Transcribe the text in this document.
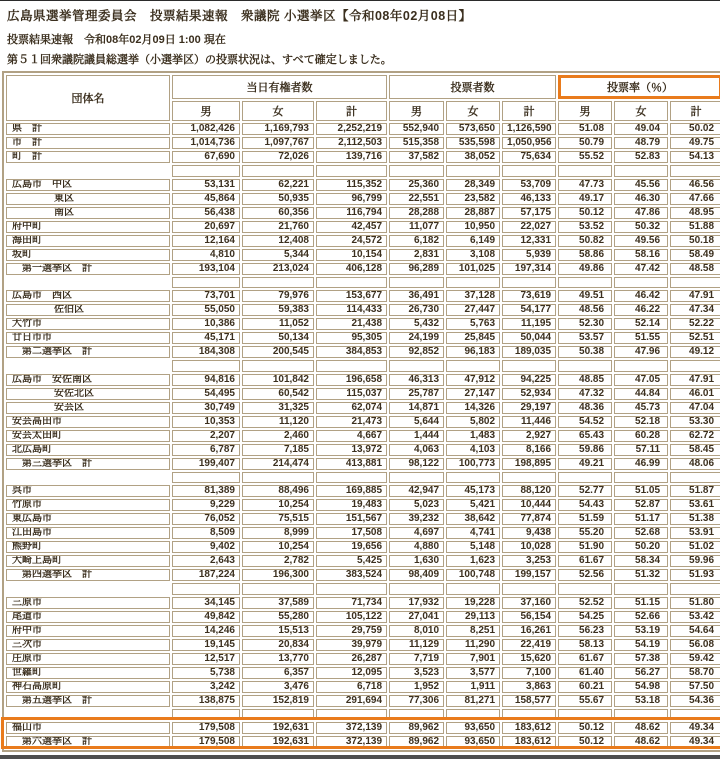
広島県選挙管理委員会　投票結果速報　衆議院 小選挙区【令和08年02月08日】
投票結果速報　令和08年02月09日 1:00 現在
第５１回衆議院議員総選挙（小選挙区）の投票状況は、すべて確定しました。
団体名	当日有権者数			投票者数			投票率（％）		
	男	女	計	男	女	計	男	女	計
県　計	1,082,426	1,169,793	2,252,219	552,940	573,650	1,126,590	51.08	49.04	50.02
市　計	1,014,736	1,097,767	2,112,503	515,358	535,598	1,050,956	50.79	48.79	49.75
町　計	67,690	72,026	139,716	37,582	38,052	75,634	55.52	52.83	54.13

広島市　中区	53,131	62,221	115,352	25,360	28,349	53,709	47.73	45.56	46.56
東区	45,864	50,935	96,799	22,551	23,582	46,133	49.17	46.30	47.66
南区	56,438	60,356	116,794	28,288	28,887	57,175	50.12	47.86	48.95
府中町	20,697	21,760	42,457	11,077	10,950	22,027	53.52	50.32	51.88
海田町	12,164	12,408	24,572	6,182	6,149	12,331	50.82	49.56	50.18
坂町	4,810	5,344	10,154	2,831	3,108	5,939	58.86	58.16	58.49
第一選挙区　計	193,104	213,024	406,128	96,289	101,025	197,314	49.86	47.42	48.58

広島市　西区	73,701	79,976	153,677	36,491	37,128	73,619	49.51	46.42	47.91
佐伯区	55,050	59,383	114,433	26,730	27,447	54,177	48.56	46.22	47.34
大竹市	10,386	11,052	21,438	5,432	5,763	11,195	52.30	52.14	52.22
廿日市市	45,171	50,134	95,305	24,199	25,845	50,044	53.57	51.55	52.51
第二選挙区　計	184,308	200,545	384,853	92,852	96,183	189,035	50.38	47.96	49.12

広島市　安佐南区	94,816	101,842	196,658	46,313	47,912	94,225	48.85	47.05	47.91
安佐北区	54,495	60,542	115,037	25,787	27,147	52,934	47.32	44.84	46.01
安芸区	30,749	31,325	62,074	14,871	14,326	29,197	48.36	45.73	47.04
安芸高田市	10,353	11,120	21,473	5,644	5,802	11,446	54.52	52.18	53.30
安芸太田町	2,207	2,460	4,667	1,444	1,483	2,927	65.43	60.28	62.72
北広島町	6,787	7,185	13,972	4,063	4,103	8,166	59.86	57.11	58.45
第三選挙区　計	199,407	214,474	413,881	98,122	100,773	198,895	49.21	46.99	48.06

呉市	81,389	88,496	169,885	42,947	45,173	88,120	52.77	51.05	51.87
竹原市	9,229	10,254	19,483	5,023	5,421	10,444	54.43	52.87	53.61
東広島市	76,052	75,515	151,567	39,232	38,642	77,874	51.59	51.17	51.38
江田島市	8,509	8,999	17,508	4,697	4,741	9,438	55.20	52.68	53.91
熊野町	9,402	10,254	19,656	4,880	5,148	10,028	51.90	50.20	51.02
大崎上島町	2,643	2,782	5,425	1,630	1,623	3,253	61.67	58.34	59.96
第四選挙区　計	187,224	196,300	383,524	98,409	100,748	199,157	52.56	51.32	51.93

三原市	34,145	37,589	71,734	17,932	19,228	37,160	52.52	51.15	51.80
尾道市	49,842	55,280	105,122	27,041	29,113	56,154	54.25	52.66	53.42
府中市	14,246	15,513	29,759	8,010	8,251	16,261	56.23	53.19	54.64
三次市	19,145	20,834	39,979	11,129	11,290	22,419	58.13	54.19	56.08
庄原市	12,517	13,770	26,287	7,719	7,901	15,620	61.67	57.38	59.42
世羅町	5,738	6,357	12,095	3,523	3,577	7,100	61.40	56.27	58.70
神石高原町	3,242	3,476	6,718	1,952	1,911	3,863	60.21	54.98	57.50
第五選挙区　計	138,875	152,819	291,694	77,306	81,271	158,577	55.67	53.18	54.36

福山市	179,508	192,631	372,139	89,962	93,650	183,612	50.12	48.62	49.34
第六選挙区　計	179,508	192,631	372,139	89,962	93,650	183,612	50.12	48.62	49.34
